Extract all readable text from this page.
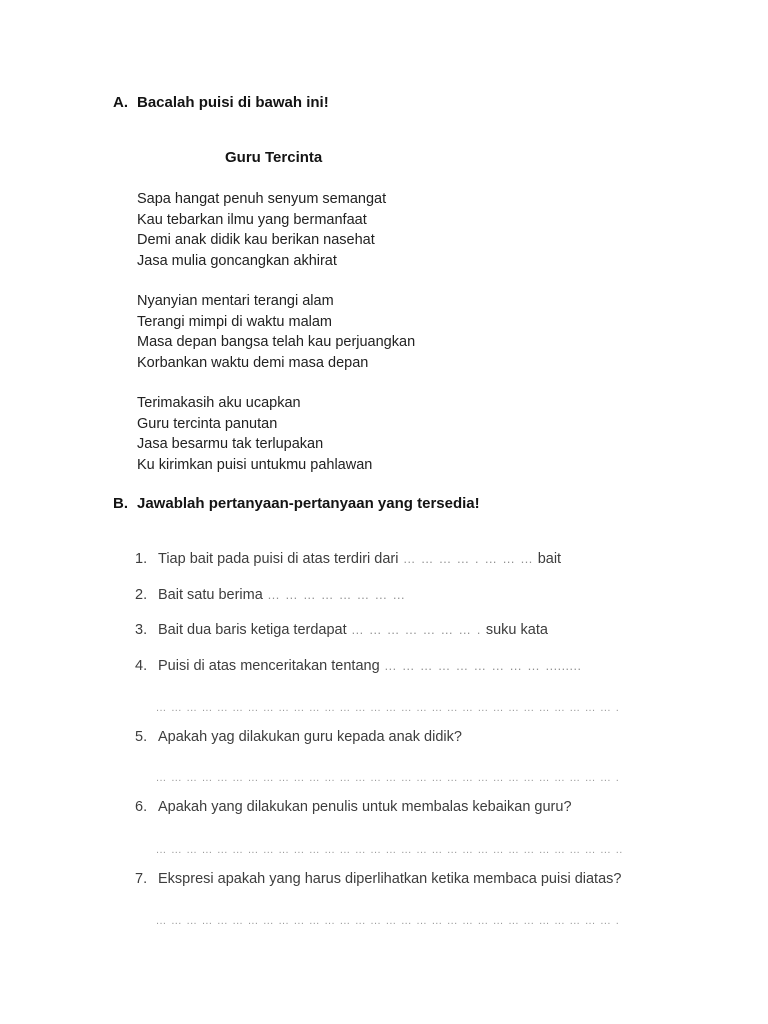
A. Bacalah puisi di bawah ini!
Guru Tercinta
Sapa hangat penuh senyum semangat
Kau tebarkan ilmu yang bermanfaat
Demi anak didik kau berikan nasehat
Jasa mulia goncangkan akhirat
Nyanyian mentari terangi alam
Terangi mimpi di waktu malam
Masa depan bangsa telah kau perjuangkan
Korbankan waktu demi masa depan
Terimakasih aku ucapkan
Guru tercinta panutan
Jasa besarmu tak terlupakan
Ku kirimkan puisi untukmu pahlawan
B. Jawablah pertanyaan-pertanyaan yang tersedia!
1. Tiap bait pada puisi di atas terdiri dari ... ... ... ... . ... ... ... bait
2. Bait satu berima ... ... ... ... ... ... ... ...
3. Bait dua baris ketiga terdapat ... ... ... ... ... ... ... . suku kata
4. Puisi di atas menceritakan tentang ... ... ... ... ... ... ... ... ... .........
... ... ... ... ... ... ... ... ... ... ... ... ... ... ... ... ... ... ... ... ... ... ... ... ... ... ... ... ... ... .
5. Apakah yag dilakukan guru kepada anak didik?
... ... ... ... ... ... ... ... ... ... ... ... ... ... ... ... ... ... ... ... ... ... ... ... ... ... ... ... ... ... .
6. Apakah yang dilakukan penulis untuk membalas kebaikan guru?
... ... ... ... ... ... ... ... ... ... ... ... ... ... ... ... ... ... ... ... ... ... ... ... ... ... ... ... ... ... ..
7. Ekspresi apakah yang harus diperlihatkan ketika membaca puisi diatas?
... ... ... ... ... ... ... ... ... ... ... ... ... ... ... ... ... ... ... ... ... ... ... ... ... ... ... ... ... ... .
